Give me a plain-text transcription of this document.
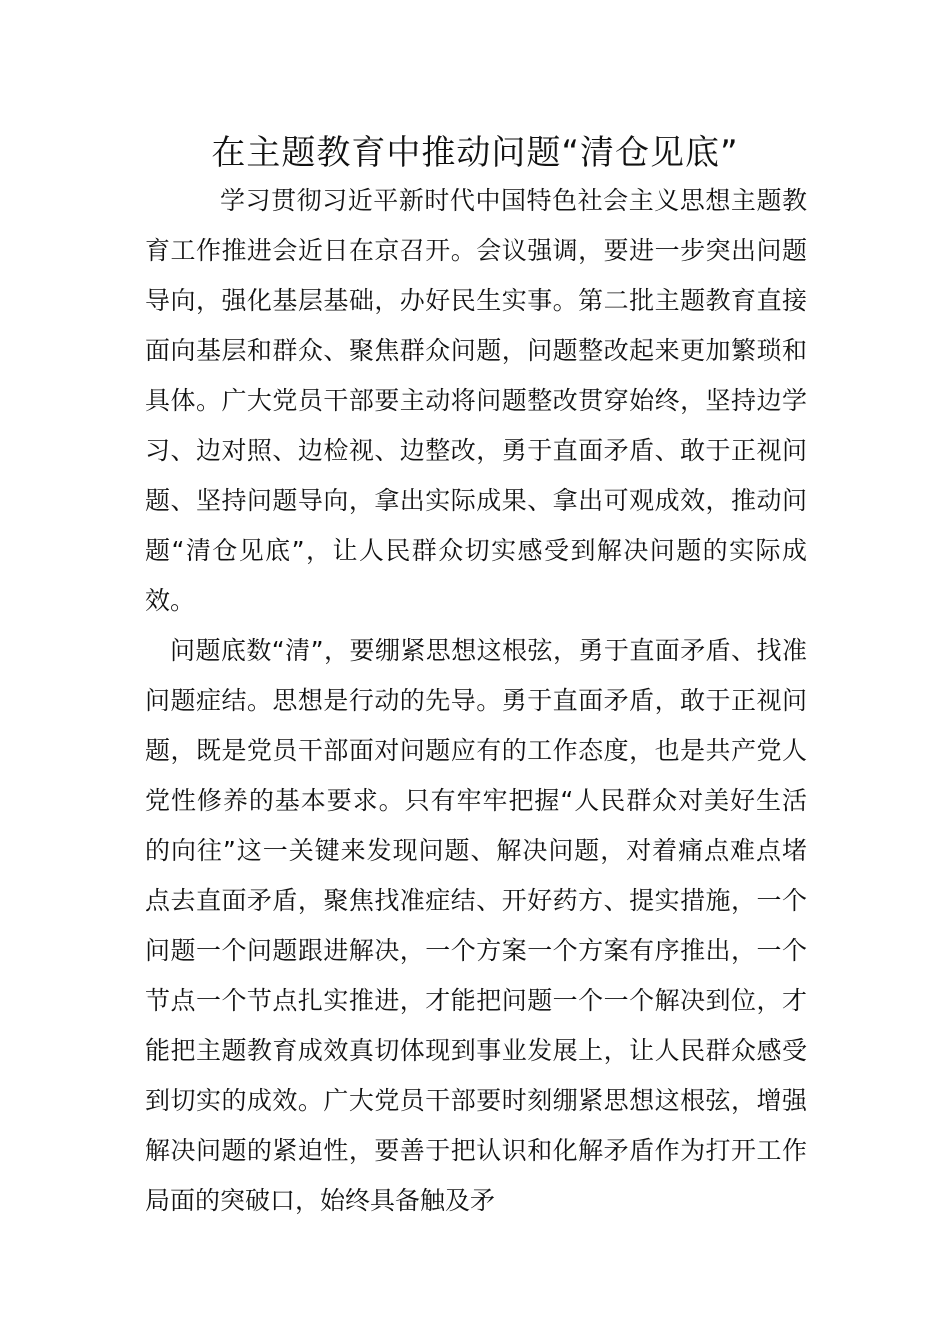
在主题教育中推动问题“清仓见底”

学习贯彻习近平新时代中国特色社会主义思想主题教育工作推进会近日在京召开。会议强调，要进一步突出问题导向，强化基层基础，办好民生实事。第二批主题教育直接面向基层和群众、聚焦群众问题，问题整改起来更加繁琐和具体。广大党员干部要主动将问题整改贯穿始终，坚持边学习、边对照、边检视、边整改，勇于直面矛盾、敢于正视问题、坚持问题导向，拿出实际成果、拿出可观成效，推动问题“清仓见底”，让人民群众切实感受到解决问题的实际成效。

问题底数“清”，要绷紧思想这根弦，勇于直面矛盾、找准问题症结。思想是行动的先导。勇于直面矛盾，敢于正视问题，既是党员干部面对问题应有的工作态度，也是共产党人党性修养的基本要求。只有牢牢把握“人民群众对美好生活的向往”这一关键来发现问题、解决问题，对着痛点难点堵点去直面矛盾，聚焦找准症结、开好药方、提实措施，一个问题一个问题跟进解决，一个方案一个方案有序推出，一个节点一个节点扎实推进，才能把问题一个一个解决到位，才能把主题教育成效真切体现到事业发展上，让人民群众感受到切实的成效。广大党员干部要时刻绷紧思想这根弦，增强解决问题的紧迫性，要善于把认识和化解矛盾作为打开工作局面的突破口，始终具备触及矛
